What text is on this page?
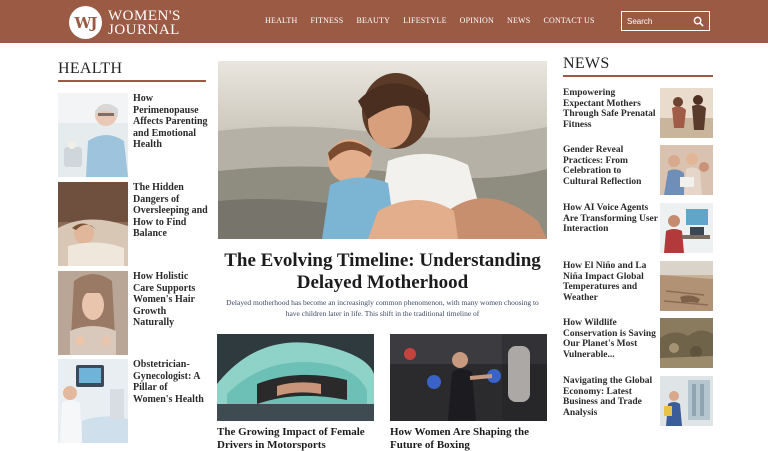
WJ WOMEN'S
JOURNAL
HEALTH FITNESS BEAUTY LIFESTYLE OPINION NEWS CONTACT US
Search
HEALTH
How Perimenopause Affects Parenting and Emotional Health
The Hidden Dangers of Oversleeping and How to Find Balance
How Holistic Care Supports Women's Hair Growth Naturally
Obstetrician-Gynecologist: A Pillar of Women's Health
The Evolving Timeline: Understanding Delayed Motherhood
Delayed motherhood has become an increasingly common phenomenon, with many women choosing to have children later in life. This shift in the traditional timeline of
The Growing Impact of Female Drivers in Motorsports
How Women Are Shaping the Future of Boxing
NEWS
Empowering Expectant Mothers Through Safe Prenatal Fitness
Gender Reveal Practices: From Celebration to Cultural Reflection
How AI Voice Agents Are Transforming User Interaction
How El Niño and La Niña Impact Global Temperatures and Weather
How Wildlife Conservation is Saving Our Planet's Most Vulnerable...
Navigating the Global Economy: Latest Business and Trade Analysis
